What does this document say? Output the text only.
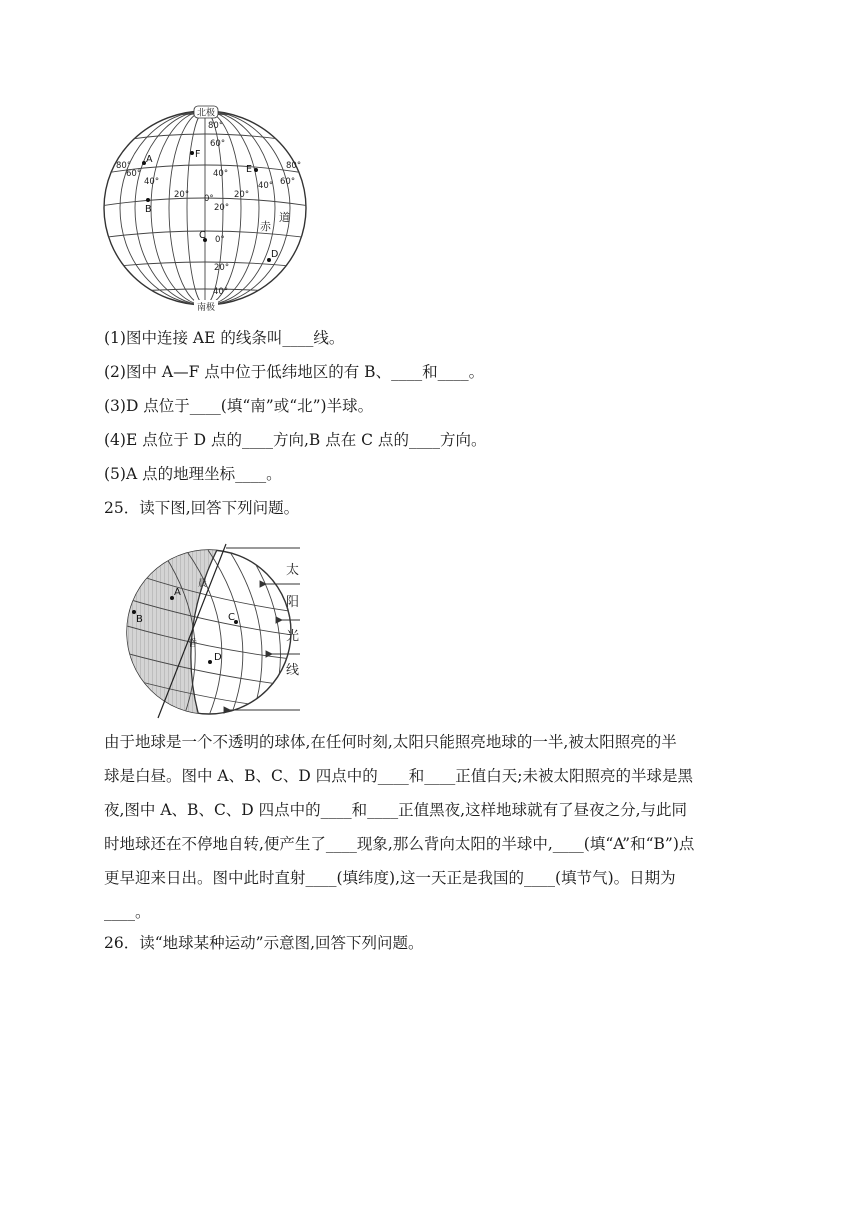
北极
南极
80°
60°
40°
20°
0°
20°
40°
80°
60°
40°
20° 0° 20°
40° 60°
80°
A
B
C
D
E
F
赤
道
(1)图中连接 AE 的线条叫____线。
(2)图中 A—F 点中位于低纬地区的有 B、____和____。
(3)D 点位于____(填“南”或“北”)半球。
(4)E 点位于 D 点的____方向,B 点在 C 点的____方向。
(5)A 点的地理坐标____。
25．读下图,回答下列问题。
太
阳
光
线
A
B	C
D
晨
昏
由于地球是一个不透明的球体,在任何时刻,太阳只能照亮地球的一半,被太阳照亮的半
球是白昼。图中 A、B、C、D 四点中的____和____正值白天;未被太阳照亮的半球是黑
夜,图中 A、B、C、D 四点中的____和____正值黑夜,这样地球就有了昼夜之分,与此同
时地球还在不停地自转,便产生了____现象,那么背向太阳的半球中,____(填“A”和“B”)点
更早迎来日出。图中此时直射____(填纬度),这一天正是我国的____(填节气)。日期为
____。
26．读“地球某种运动”示意图,回答下列问题。
